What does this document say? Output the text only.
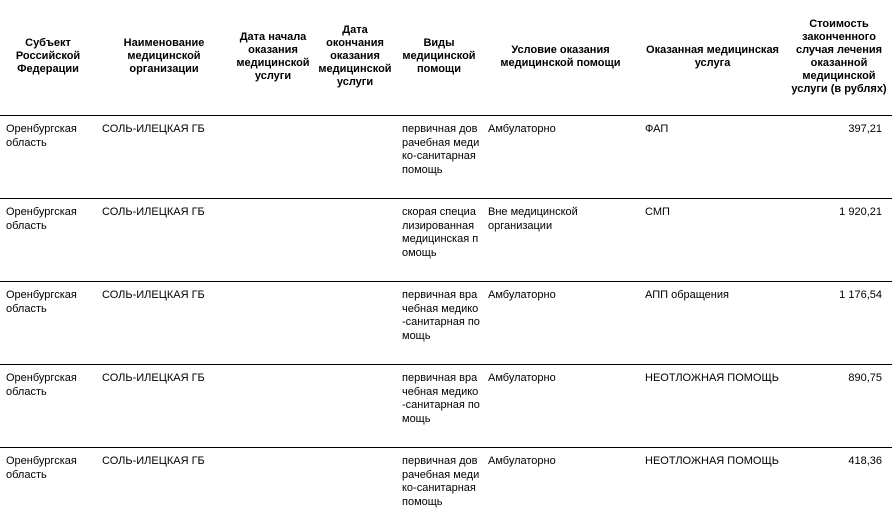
Субъект Российской Федерации	Наименование медицинской организации	Дата начала оказания медицинской услуги	Дата окончания оказания медицинской услуги	Виды медицинской помощи	Условие оказания медицинской помощи	Оказанная медицинская услуга	Стоимость законченного случая лечения оказанной медицинской услуги (в рублях)
Оренбургская область	СОЛЬ-ИЛЕЦКАЯ ГБ			первичная доврачебная медико-санитарная помощь	Амбулаторно	ФАП	397,21
Оренбургская область	СОЛЬ-ИЛЕЦКАЯ ГБ			скорая специализированная медицинская помощь	Вне медицинской организации	СМП	1 920,21
Оренбургская область	СОЛЬ-ИЛЕЦКАЯ ГБ			первичная врачебная медико-санитарная помощь	Амбулаторно	АПП обращения	1 176,54
Оренбургская область	СОЛЬ-ИЛЕЦКАЯ ГБ			первичная врачебная медико-санитарная помощь	Амбулаторно	НЕОТЛОЖНАЯ ПОМОЩЬ	890,75
Оренбургская область	СОЛЬ-ИЛЕЦКАЯ ГБ			первичная доврачебная медико-санитарная помощь	Амбулаторно	НЕОТЛОЖНАЯ ПОМОЩЬ	418,36
